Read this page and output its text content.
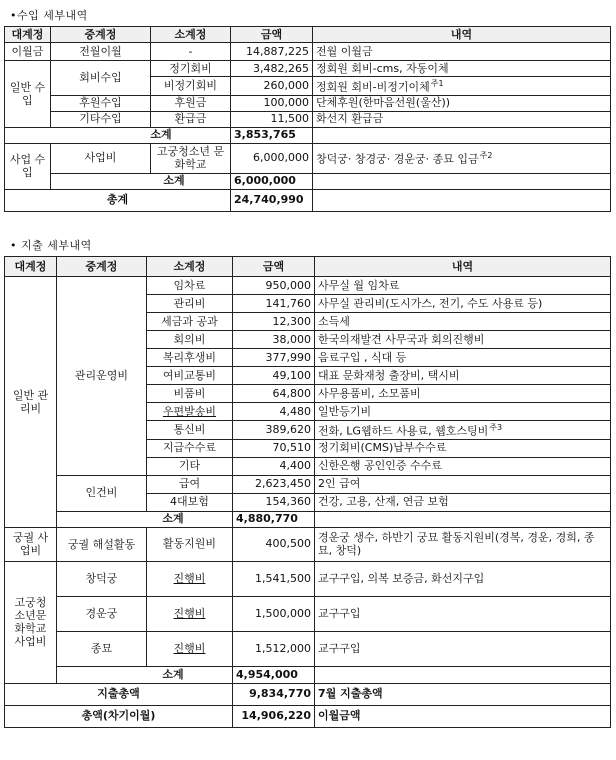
•수입 세부내역
대계정	중계정	소계정	금액	내역
이월금	전월이월	-	14,887,225	전월 이월금
일반 수입	회비수입	정기회비	3,482,265	정회원 회비-cms, 자동이체
		비정기회비	260,000	정회원 회비-비정기이체$^{주1}$
	후원수입	후원금	100,000	단체후원(한마음선원(울산))
	기타수입	환급금	11,500	화선지 환급금
소계			3,853,765	
사업 수입	사업비	고궁청소년 문화학교	6,000,000	창덕궁· 창경궁· 경운궁· 종묘 입금$^{주2}$
	소계		6,000,000	
총계			24,740,990	
• 지출 세부내역
대계정	중계정	소계정	금액	내역
일반 관리비	관리운영비	임차료	950,000	사무실 월 임차료
		관리비	141,760	사무실 관리비(도시가스, 전기, 수도 사용료 등)
		세금과 공과	12,300	소득세
		회의비	38,000	한국의재발견 사무국과 회의진행비
		복리후생비	377,990	음료구입 , 식대 등
		여비교통비	49,100	대표 문화재청 출장비, 택시비
		비품비	64,800	사무용품비, 소모품비
		우편발송비	4,480	일반등기비
		통신비	389,620	전화, LG웹하드 사용료, 웹호스팅비$^{주3}$
		지급수수료	70,510	정기회비(CMS)납부수수료
		기타	4,400	신한은행 공인인증 수수료
	인건비	급여	2,623,450	2인 급여
		4대보험	154,360	건강, 고용, 산재, 연금 보험
	소계		4,880,770	
궁궐 사업비	궁궐 해설활동	활동지원비	400,500	경운궁 생수, 하반기 궁묘 활동지원비(경복, 경운, 경희, 종묘, 창덕)
고궁청 소년문 화학교 사업비	창덕궁	진행비	1,541,500	교구구입, 의복 보증금, 화선지구입
	경운궁	진행비	1,500,000	교구구입
	종묘	진행비	1,512,000	교구구입
	소계		4,954,000	
지출총액			9,834,770	7월 지출총액
총액(차기이월)			14,906,220	이월금액
